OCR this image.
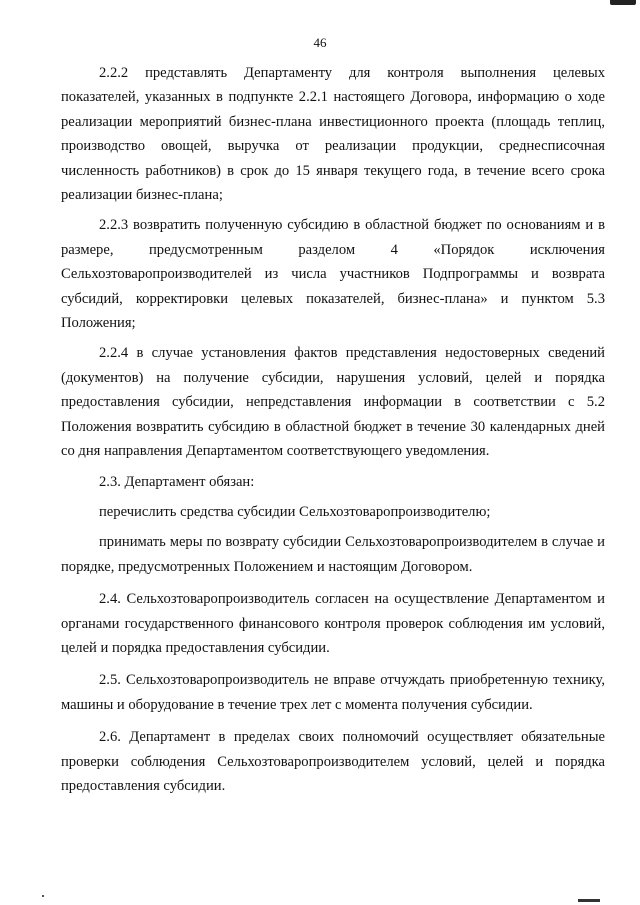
46

2.2.2 представлять Департаменту для контроля выполнения целевых показателей, указанных в подпункте 2.2.1 настоящего Договора, информацию о ходе реализации мероприятий бизнес-плана инвестиционного проекта (площадь теплиц, производство овощей, выручка от реализации продукции, среднесписочная численность работников) в срок до 15 января текущего года, в течение всего срока реализации бизнес-плана;

2.2.3 возвратить полученную субсидию в областной бюджет по основаниям и в размере, предусмотренным разделом 4 «Порядок исключения Сельхозтоваропроизводителей из числа участников Подпрограммы и возврата субсидий, корректировки целевых показателей, бизнес-плана» и пунктом 5.3 Положения;

2.2.4 в случае установления фактов представления недостоверных сведений (документов) на получение субсидии, нарушения условий, целей и порядка предоставления субсидии, непредставления информации в соответствии с 5.2 Положения возвратить субсидию в областной бюджет в течение 30 календарных дней со дня направления Департаментом соответствующего уведомления.

2.3. Департамент обязан:

перечислить средства субсидии Сельхозтоваропроизводителю;

принимать меры по возврату субсидии Сельхозтоваропроизводителем в случае и порядке, предусмотренных Положением и настоящим Договором.

2.4. Сельхозтоваропроизводитель согласен на осуществление Департаментом и органами государственного финансового контроля проверок соблюдения им условий, целей и порядка предоставления субсидии.

2.5. Сельхозтоваропроизводитель не вправе отчуждать приобретенную технику, машины и оборудование в течение трех лет с момента получения субсидии.

2.6. Департамент в пределах своих полномочий осуществляет обязательные проверки соблюдения Сельхозтоваропроизводителем условий, целей и порядка предоставления субсидии.
